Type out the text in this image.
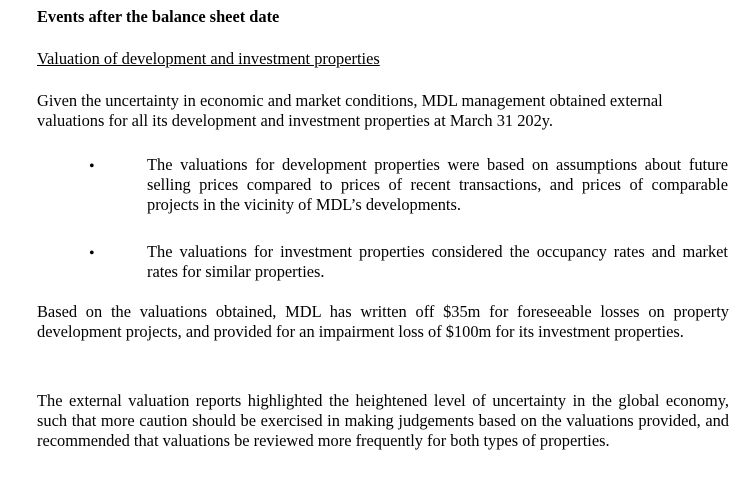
Events after the balance sheet date

Valuation of development and investment properties

Given the uncertainty in economic and market conditions, MDL management obtained external valuations for all its development and investment properties at March 31 202y.

•	The valuations for development properties were based on assumptions about future selling prices compared to prices of recent transactions, and prices of comparable projects in the vicinity of MDL’s developments.

•	The valuations for investment properties considered the occupancy rates and market rates for similar properties.

Based on the valuations obtained, MDL has written off $35m for foreseeable losses on property development projects, and provided for an impairment loss of $100m for its investment properties.

The external valuation reports highlighted the heightened level of uncertainty in the global economy, such that more caution should be exercised in making judgements based on the valuations provided, and recommended that valuations be reviewed more frequently for both types of properties.
